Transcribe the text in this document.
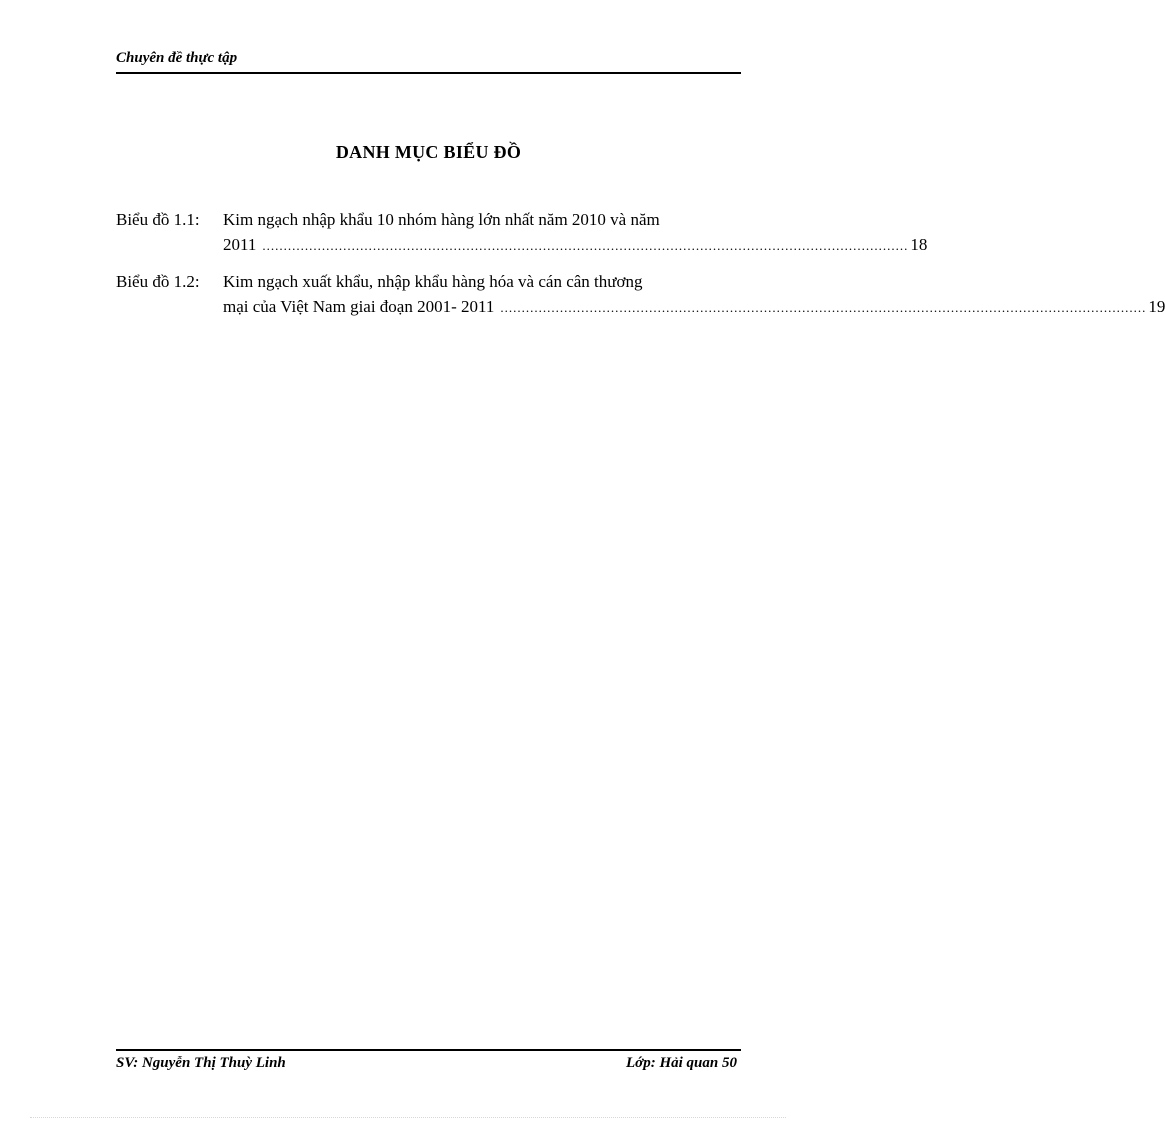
Chuyên đề thực tập
DANH MỤC BIỂU ĐỒ
Biểu đồ 1.1:	Kim ngạch nhập khẩu 10 nhóm hàng lớn nhất năm 2010 và năm
2011 ........................................................................................................................................................ 18
Biểu đồ 1.2:	Kim ngạch xuất khẩu, nhập khẩu hàng hóa và cán cân thương
mại của Việt Nam giai đoạn 2001- 2011 ........................................................................................................................................................ 19
SV: Nguyễn Thị Thuỳ Linh	Lớp: Hải quan 50
